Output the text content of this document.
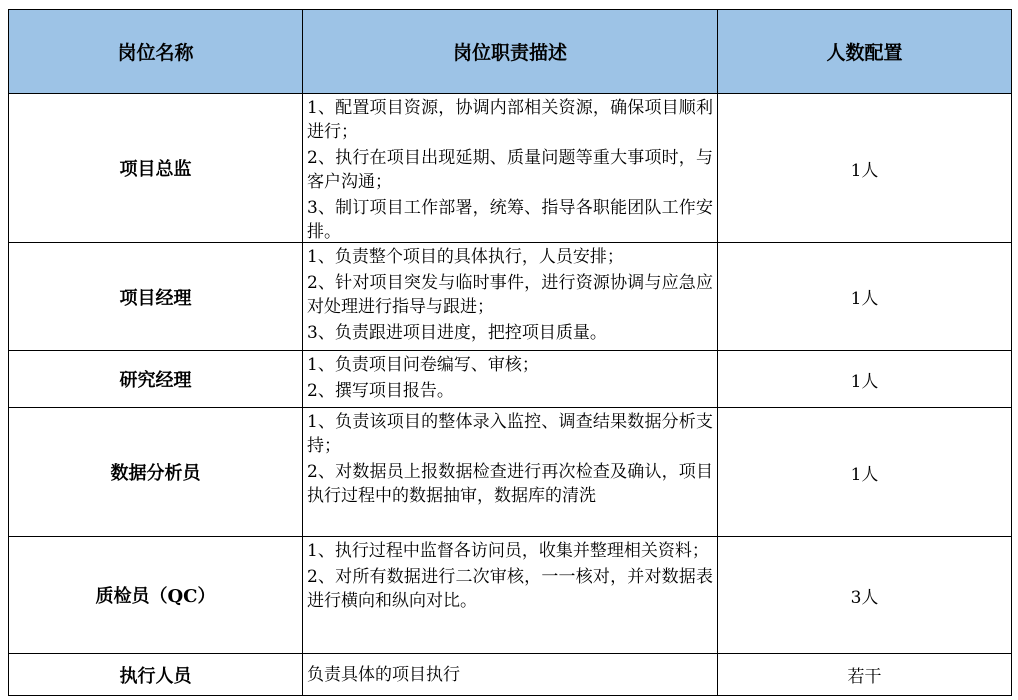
岗位名称	岗位职责描述	人数配置
项目总监	1、配置项目资源，协调内部相关资源，确保项目顺利进行；

2、执行在项目出现延期、质量问题等重大事项时，与客户沟通；

3、制订项目工作部署，统筹、指导各职能团队工作安排。	1人
项目经理	1、负责整个项目的具体执行，人员安排；

2、针对项目突发与临时事件，进行资源协调与应急应对处理进行指导与跟进；

3、负责跟进项目进度，把控项目质量。	1人
研究经理	1、负责项目问卷编写、审核；

2、撰写项目报告。	1人
数据分析员	1、负责该项目的整体录入监控、调查结果数据分析支持；

2、对数据员上报数据检查进行再次检查及确认，项目执行过程中的数据抽审，数据库的清洗	1人
质检员（QC）	1、执行过程中监督各访问员，收集并整理相关资料；

2、对所有数据进行二次审核，一一核对，并对数据表进行横向和纵向对比。	3人
执行人员	负责具体的项目执行	若干
